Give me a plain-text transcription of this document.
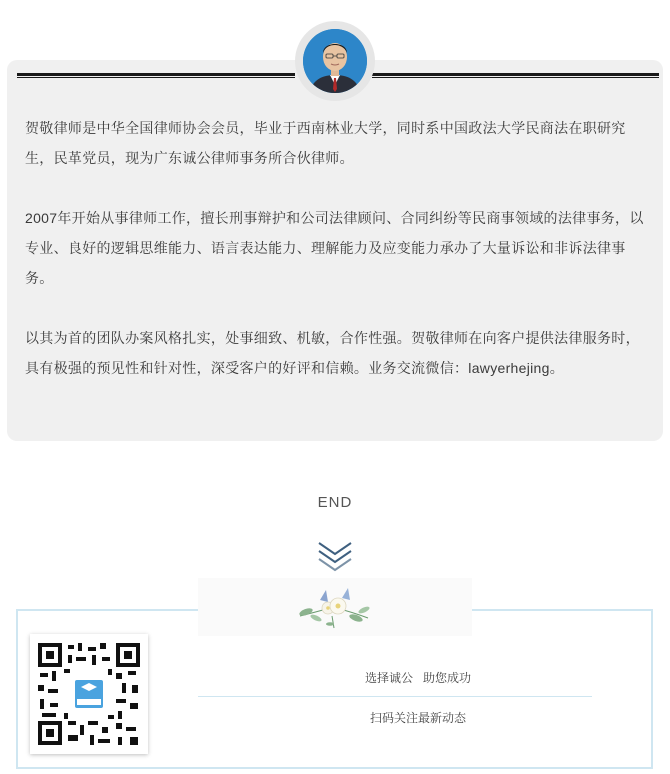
贺敬律师是中华全国律师协会会员，毕业于西南林业大学，同时系中国政法大学民商法在职研究生，民革党员，现为广东诚公律师事务所合伙律师。

2007年开始从事律师工作，擅长刑事辩护和公司法律顾问、合同纠纷等民商事领域的法律事务，以专业、良好的逻辑思维能力、语言表达能力、理解能力及应变能力承办了大量诉讼和非诉法律事务。

以其为首的团队办案风格扎实，处事细致、机敏，合作性强。贺敬律师在向客户提供法律服务时，具有极强的预见性和针对性，深受客户的好评和信赖。业务交流微信：lawyerhejing。

END
选择诚公 助您成功
扫码关注最新动态
